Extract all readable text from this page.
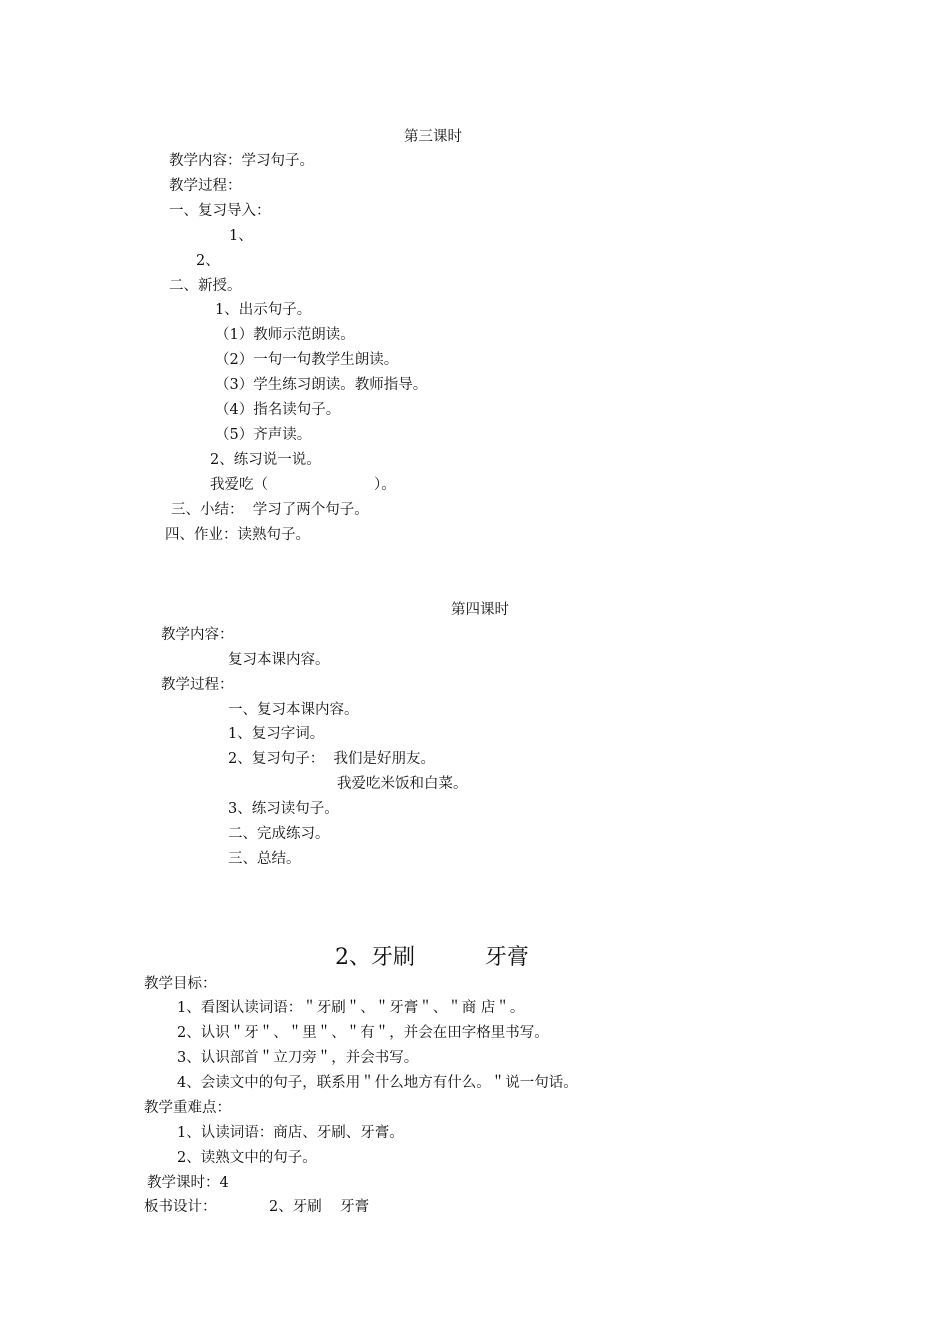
第三课时
教学内容：学习句子。
教学过程：
一、复习导入：
1、
2、
二、新授。
1、出示句子。
（1）教师示范朗读。
（2）一句一句教学生朗读。
（3）学生练习朗读。教师指导。
（4）指名读句子。
（5）齐声读。
2、练习说一说。
我爱吃（                       ）。
三、小结：  学习了两个句子。
四、作业：读熟句子。
第四课时
教学内容：
复习本课内容。
教学过程：
一、复习本课内容。
1、复习字词。
2、复习句子：  我们是好朋友。
我爱吃米饭和白菜。
3、练习读句子。
二、完成练习。
三、总结。
2、牙刷          牙膏
教学目标：
1、看图认读词语：＂牙刷＂、＂牙膏＂、＂商 店＂。
2、认识＂牙＂、＂里＂、＂有＂，并会在田字格里书写。
3、认识部首＂立刀旁＂，并会书写。
4、会读文中的句子，联系用＂什么地方有什么。＂说一句话。
教学重难点：
1、认读词语：商店、牙刷、牙膏。
2、读熟文中的句子。
教学课时：4
板书设计：	2、牙刷    牙膏
